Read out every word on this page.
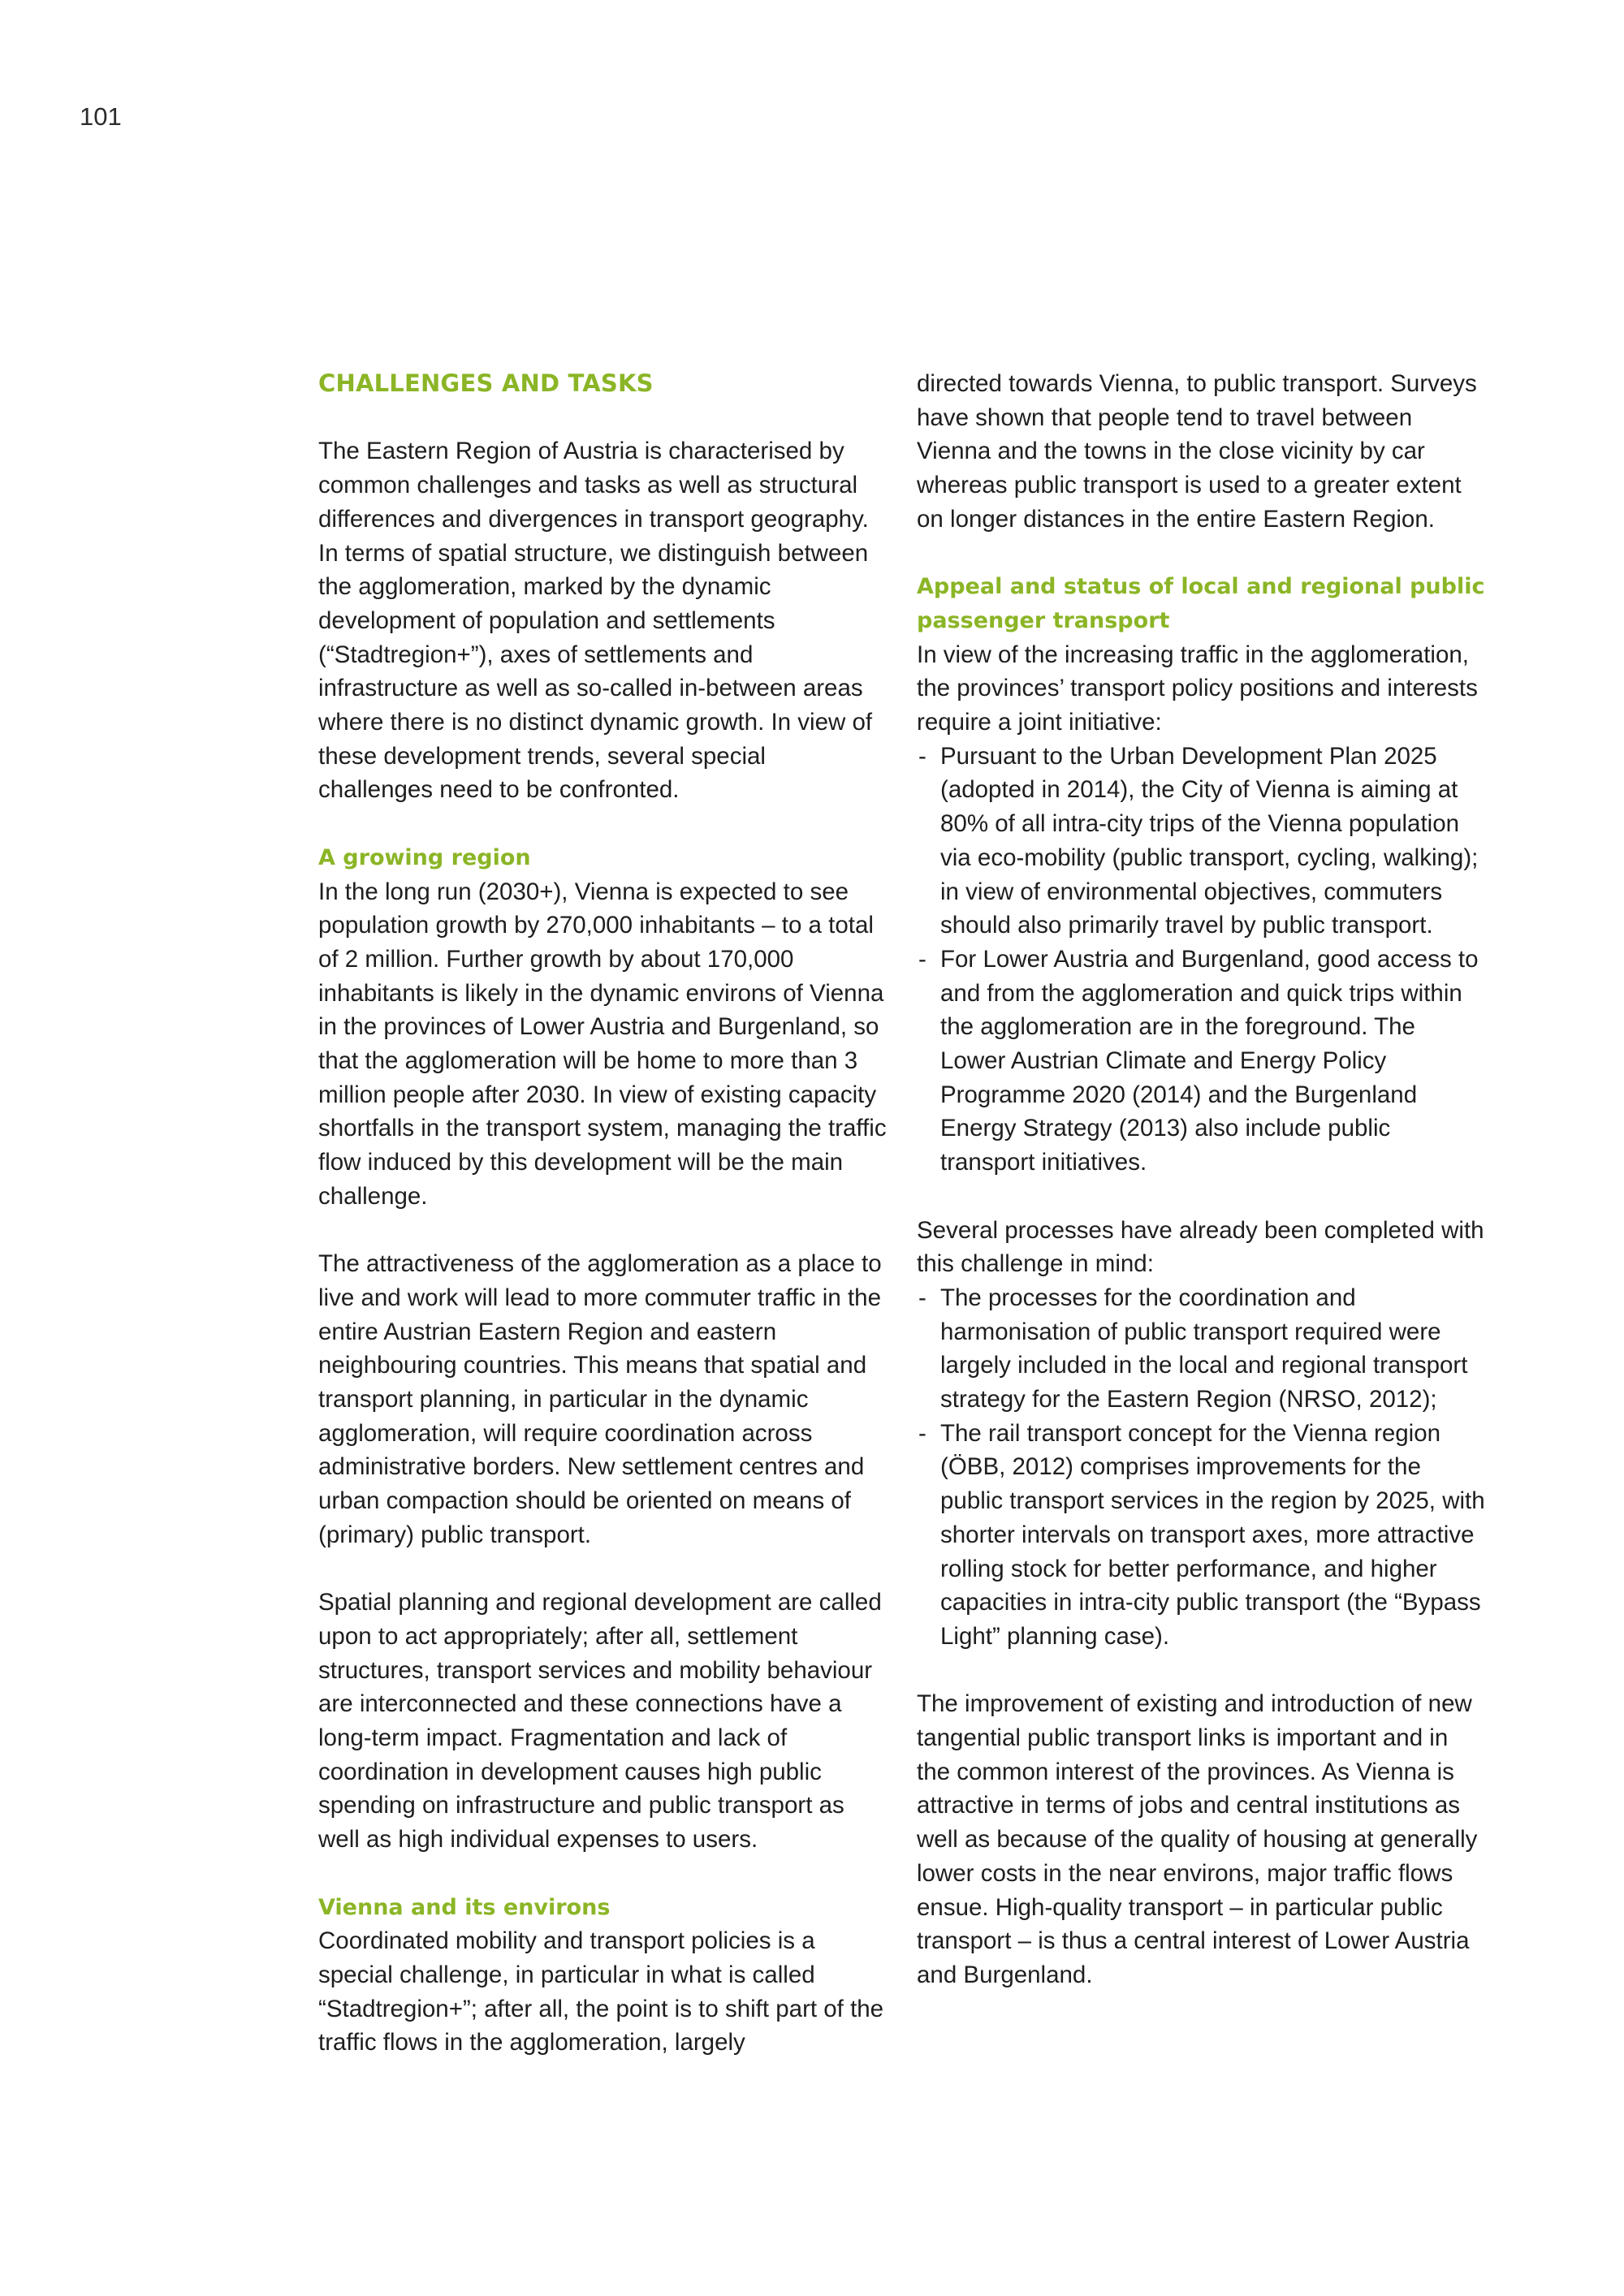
101
CHALLENGES AND TASKS

The Eastern Region of Austria is characterised by common challenges and tasks as well as structural differences and divergences in transport geography. In terms of spatial structure, we distinguish between the agglomeration, marked by the dynamic development of population and settlements (“Stadtregion+”), axes of settlements and infrastructure as well as so-called in-between areas where there is no distinct dynamic growth. In view of these development trends, several special challenges need to be confronted.

A growing region

In the long run (2030+), Vienna is expected to see population growth by 270,000 inhabitants – to a total of 2 million. Further growth by about 170,000 inhabitants is likely in the dynamic environs of Vienna in the provinces of Lower Austria and Burgenland, so that the agglomeration will be home to more than 3 million people after 2030. In view of existing capacity shortfalls in the transport system, managing the traffic flow induced by this development will be the main challenge.

The attractiveness of the agglomeration as a place to live and work will lead to more commuter traffic in the entire Austrian Eastern Region and eastern neighbouring countries. This means that spatial and transport planning, in particular in the dynamic agglomeration, will require coordination across administrative borders. New settlement centres and urban compaction should be oriented on means of (primary) public transport.

Spatial planning and regional development are called upon to act appropriately; after all, settlement structures, transport services and mobility behaviour are interconnected and these connections have a long-term impact. Fragmentation and lack of coordination in development causes high public spending on infrastructure and public transport as well as high individual expenses to users.

Vienna and its environs

Coordinated mobility and transport policies is a special challenge, in particular in what is called “Stadtregion+”; after all, the point is to shift part of the traffic flows in the agglomeration, largely

directed towards Vienna, to public transport. Surveys have shown that people tend to travel between Vienna and the towns in the close vicinity by car whereas public transport is used to a greater extent on longer distances in the entire Eastern Region.

Appeal and status of local and regional public passenger transport

In view of the increasing traffic in the agglomeration, the provinces’ transport policy positions and interests require a joint initiative:

- Pursuant to the Urban Development Plan 2025 (adopted in 2014), the City of Vienna is aiming at 80% of all intra-city trips of the Vienna population via eco-mobility (public transport, cycling, walking); in view of environmental objectives, commuters should also primarily travel by public transport.
- For Lower Austria and Burgenland, good access to and from the agglomeration and quick trips within the agglomeration are in the foreground. The Lower Austrian Climate and Energy Policy Programme 2020 (2014) and the Burgenland Energy Strategy (2013) also include public transport initiatives.

Several processes have already been completed with this challenge in mind:

- The processes for the coordination and harmonisation of public transport required were largely included in the local and regional transport strategy for the Eastern Region (NRSO, 2012);
- The rail transport concept for the Vienna region (ÖBB, 2012) comprises improvements for the public transport services in the region by 2025, with shorter intervals on transport axes, more attractive rolling stock for better performance, and higher capacities in intra-city public transport (the “Bypass Light” planning case).

The improvement of existing and introduction of new tangential public transport links is important and in the common interest of the provinces. As Vienna is attractive in terms of jobs and central institutions as well as because of the quality of housing at generally lower costs in the near environs, major traffic flows ensue. High-quality transport – in particular public transport – is thus a central interest of Lower Austria and Burgenland.
